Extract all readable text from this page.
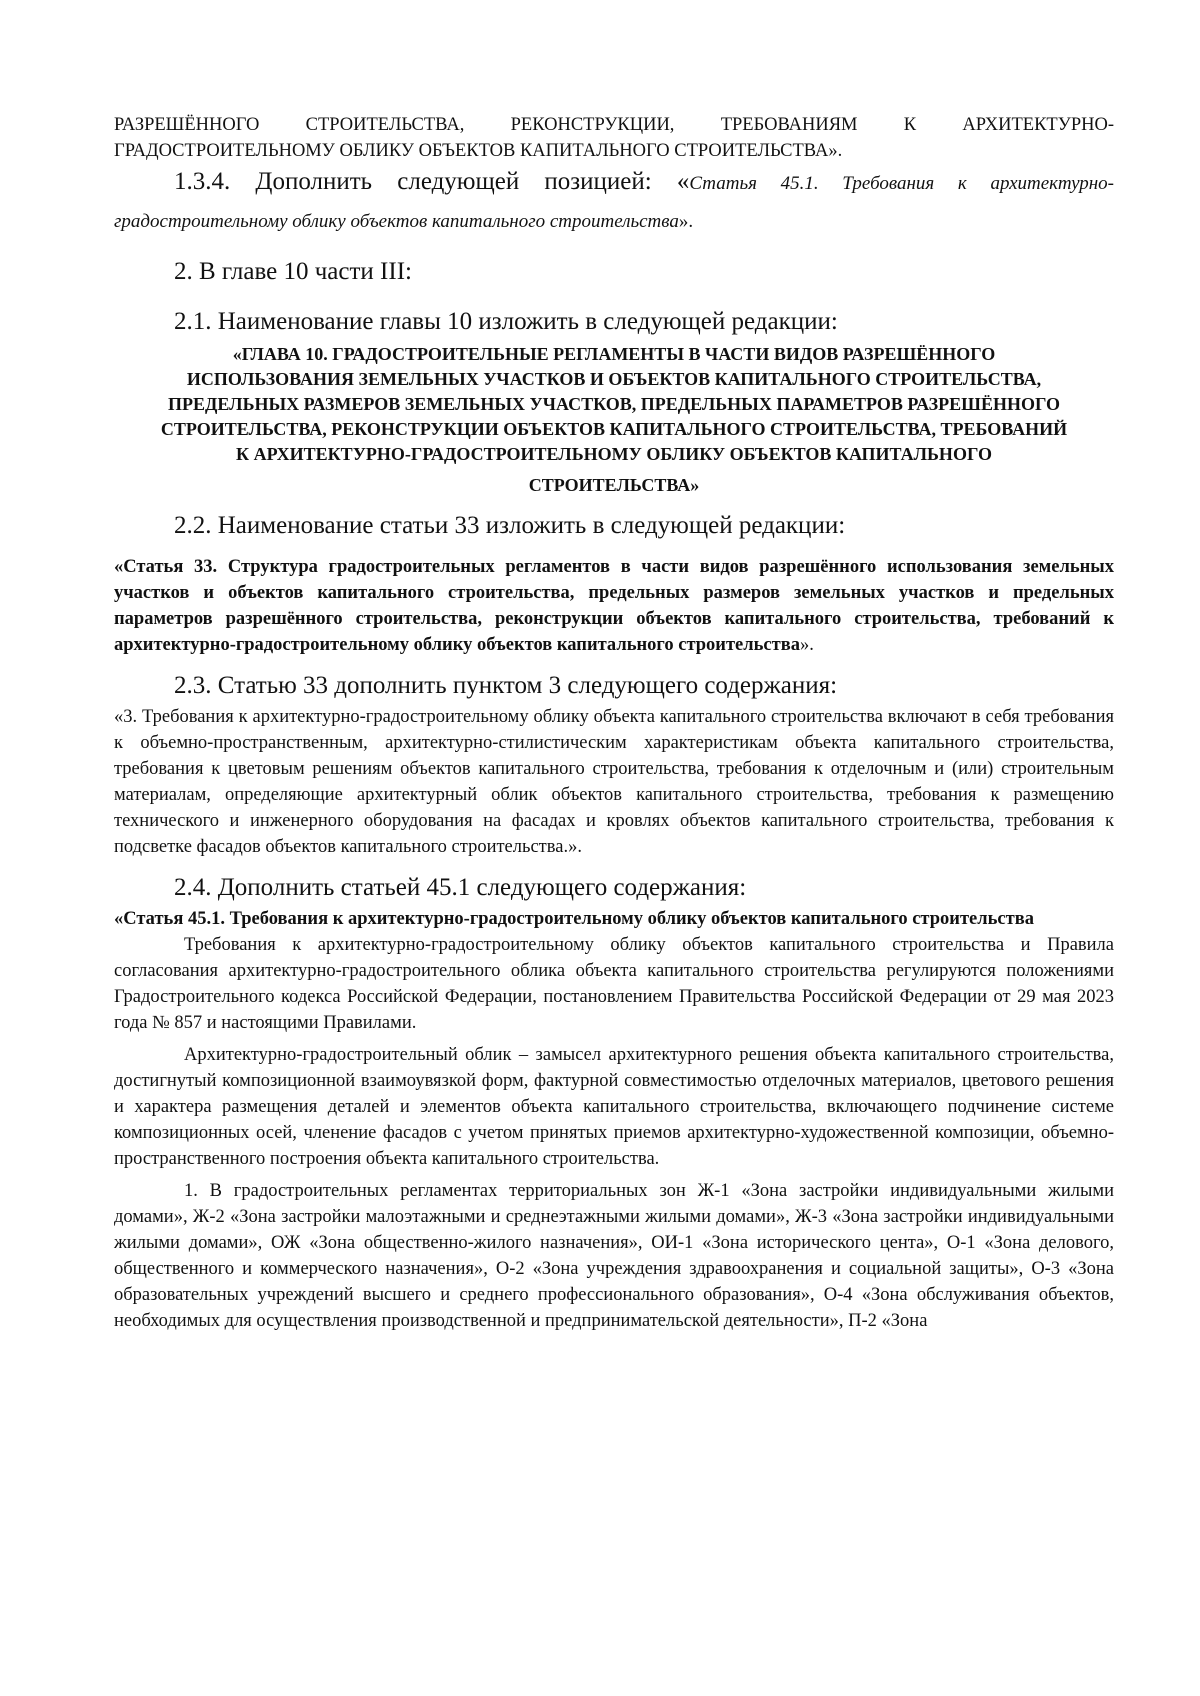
РАЗРЕШЁННОГО СТРОИТЕЛЬСТВА, РЕКОНСТРУКЦИИ, ТРЕБОВАНИЯМ К АРХИТЕКТУРНО-

ГРАДОСТРОИТЕЛЬНОМУ ОБЛИКУ ОБЪЕКТОВ КАПИТАЛЬНОГО СТРОИТЕЛЬСТВА».

1.3.4. Дополнить следующей позицией: «Статья 45.1. Требования к архитектурно-градостроительному облику объектов капитального строительства».

2. В главе 10 части III:

2.1. Наименование главы 10 изложить в следующей редакции:

«ГЛАВА 10. ГРАДОСТРОИТЕЛЬНЫЕ РЕГЛАМЕНТЫ В ЧАСТИ ВИДОВ РАЗРЕШЁННОГО
ИСПОЛЬЗОВАНИЯ ЗЕМЕЛЬНЫХ УЧАСТКОВ И ОБЪЕКТОВ КАПИТАЛЬНОГО СТРОИТЕЛЬСТВА,
ПРЕДЕЛЬНЫХ РАЗМЕРОВ ЗЕМЕЛЬНЫХ УЧАСТКОВ, ПРЕДЕЛЬНЫХ ПАРАМЕТРОВ РАЗРЕШЁННОГО
СТРОИТЕЛЬСТВА, РЕКОНСТРУКЦИИ ОБЪЕКТОВ КАПИТАЛЬНОГО СТРОИТЕЛЬСТВА, ТРЕБОВАНИЙ
К АРХИТЕКТУРНО-ГРАДОСТРОИТЕЛЬНОМУ ОБЛИКУ ОБЪЕКТОВ КАПИТАЛЬНОГО
СТРОИТЕЛЬСТВА»

2.2. Наименование статьи 33 изложить в следующей редакции:

«Статья 33. Структура градостроительных регламентов в части видов разрешённого использования земельных участков и объектов капитального строительства, предельных размеров земельных участков и предельных параметров разрешённого строительства, реконструкции объектов капитального строительства, требований к архитектурно-градостроительному облику объектов капитального строительства».

2.3. Статью 33 дополнить пунктом 3 следующего содержания:

«3. Требования к архитектурно-градостроительному облику объекта капитального строительства включают в себя требования к объемно-пространственным, архитектурно-стилистическим характеристикам объекта капитального строительства, требования к цветовым решениям объектов капитального строительства, требования к отделочным и (или) строительным материалам, определяющие архитектурный облик объектов капитального строительства, требования к размещению технического и инженерного оборудования на фасадах и кровлях объектов капитального строительства, требования к подсветке фасадов объектов капитального строительства.».

2.4. Дополнить статьей 45.1 следующего содержания:

«Статья 45.1. Требования к архитектурно-градостроительному облику объектов капитального строительства

Требования к архитектурно-градостроительному облику объектов капитального строительства и Правила согласования архитектурно-градостроительного облика объекта капитального строительства регулируются положениями Градостроительного кодекса Российской Федерации, постановлением Правительства Российской Федерации от 29 мая 2023 года № 857 и настоящими Правилами.

Архитектурно-градостроительный облик – замысел архитектурного решения объекта капитального строительства, достигнутый композиционной взаимоувязкой форм, фактурной совместимостью отделочных материалов, цветового решения и характера размещения деталей и элементов объекта капитального строительства, включающего подчинение системе композиционных осей, членение фасадов с учетом принятых приемов архитектурно-художественной композиции, объемно-пространственного построения объекта капитального строительства.

1. В градостроительных регламентах территориальных зон Ж-1 «Зона застройки индивидуальными жилыми домами», Ж-2 «Зона застройки малоэтажными и среднеэтажными жилыми домами», Ж-3 «Зона застройки индивидуальными жилыми домами», ОЖ «Зона общественно-жилого назначения», ОИ-1 «Зона исторического цента», О-1 «Зона делового, общественного и коммерческого назначения», О-2 «Зона учреждения здравоохранения и социальной защиты», О-3 «Зона образовательных учреждений высшего и среднего профессионального образования», О-4 «Зона обслуживания объектов, необходимых для осуществления производственной и предпринимательской деятельности», П-2 «Зона
